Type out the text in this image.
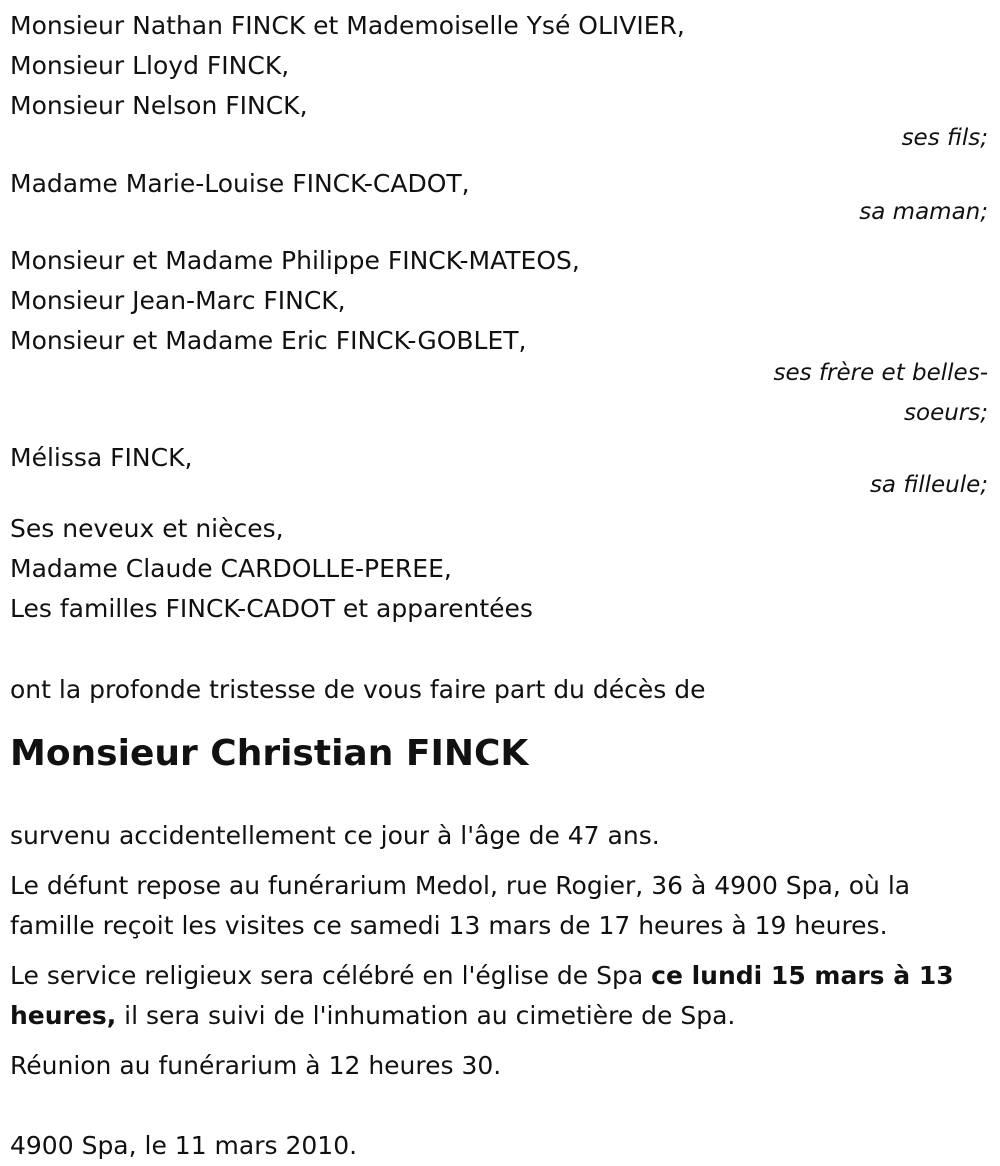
Monsieur Nathan FINCK et Mademoiselle Ysé OLIVIER,
Monsieur Lloyd FINCK,
Monsieur Nelson FINCK,
ses fils;
Madame Marie-Louise FINCK-CADOT,
sa maman;
Monsieur et Madame Philippe FINCK-MATEOS,
Monsieur Jean-Marc FINCK,
Monsieur et Madame Eric FINCK-GOBLET,
ses frère et belles-
soeurs;
Mélissa FINCK,
sa filleule;
Ses neveux et nièces,
Madame Claude CARDOLLE-PEREE,
Les familles FINCK-CADOT et apparentées
ont la profonde tristesse de vous faire part du décès de
Monsieur Christian FINCK
survenu accidentellement ce jour à l'âge de 47 ans.
Le défunt repose au funérarium Medol, rue Rogier, 36 à 4900 Spa, où la
famille reçoit les visites ce samedi 13 mars de 17 heures à 19 heures.
Le service religieux sera célébré en l'église de Spa ce lundi 15 mars à 13
heures, il sera suivi de l'inhumation au cimetière de Spa.
Réunion au funérarium à 12 heures 30.
4900 Spa, le 11 mars 2010.
